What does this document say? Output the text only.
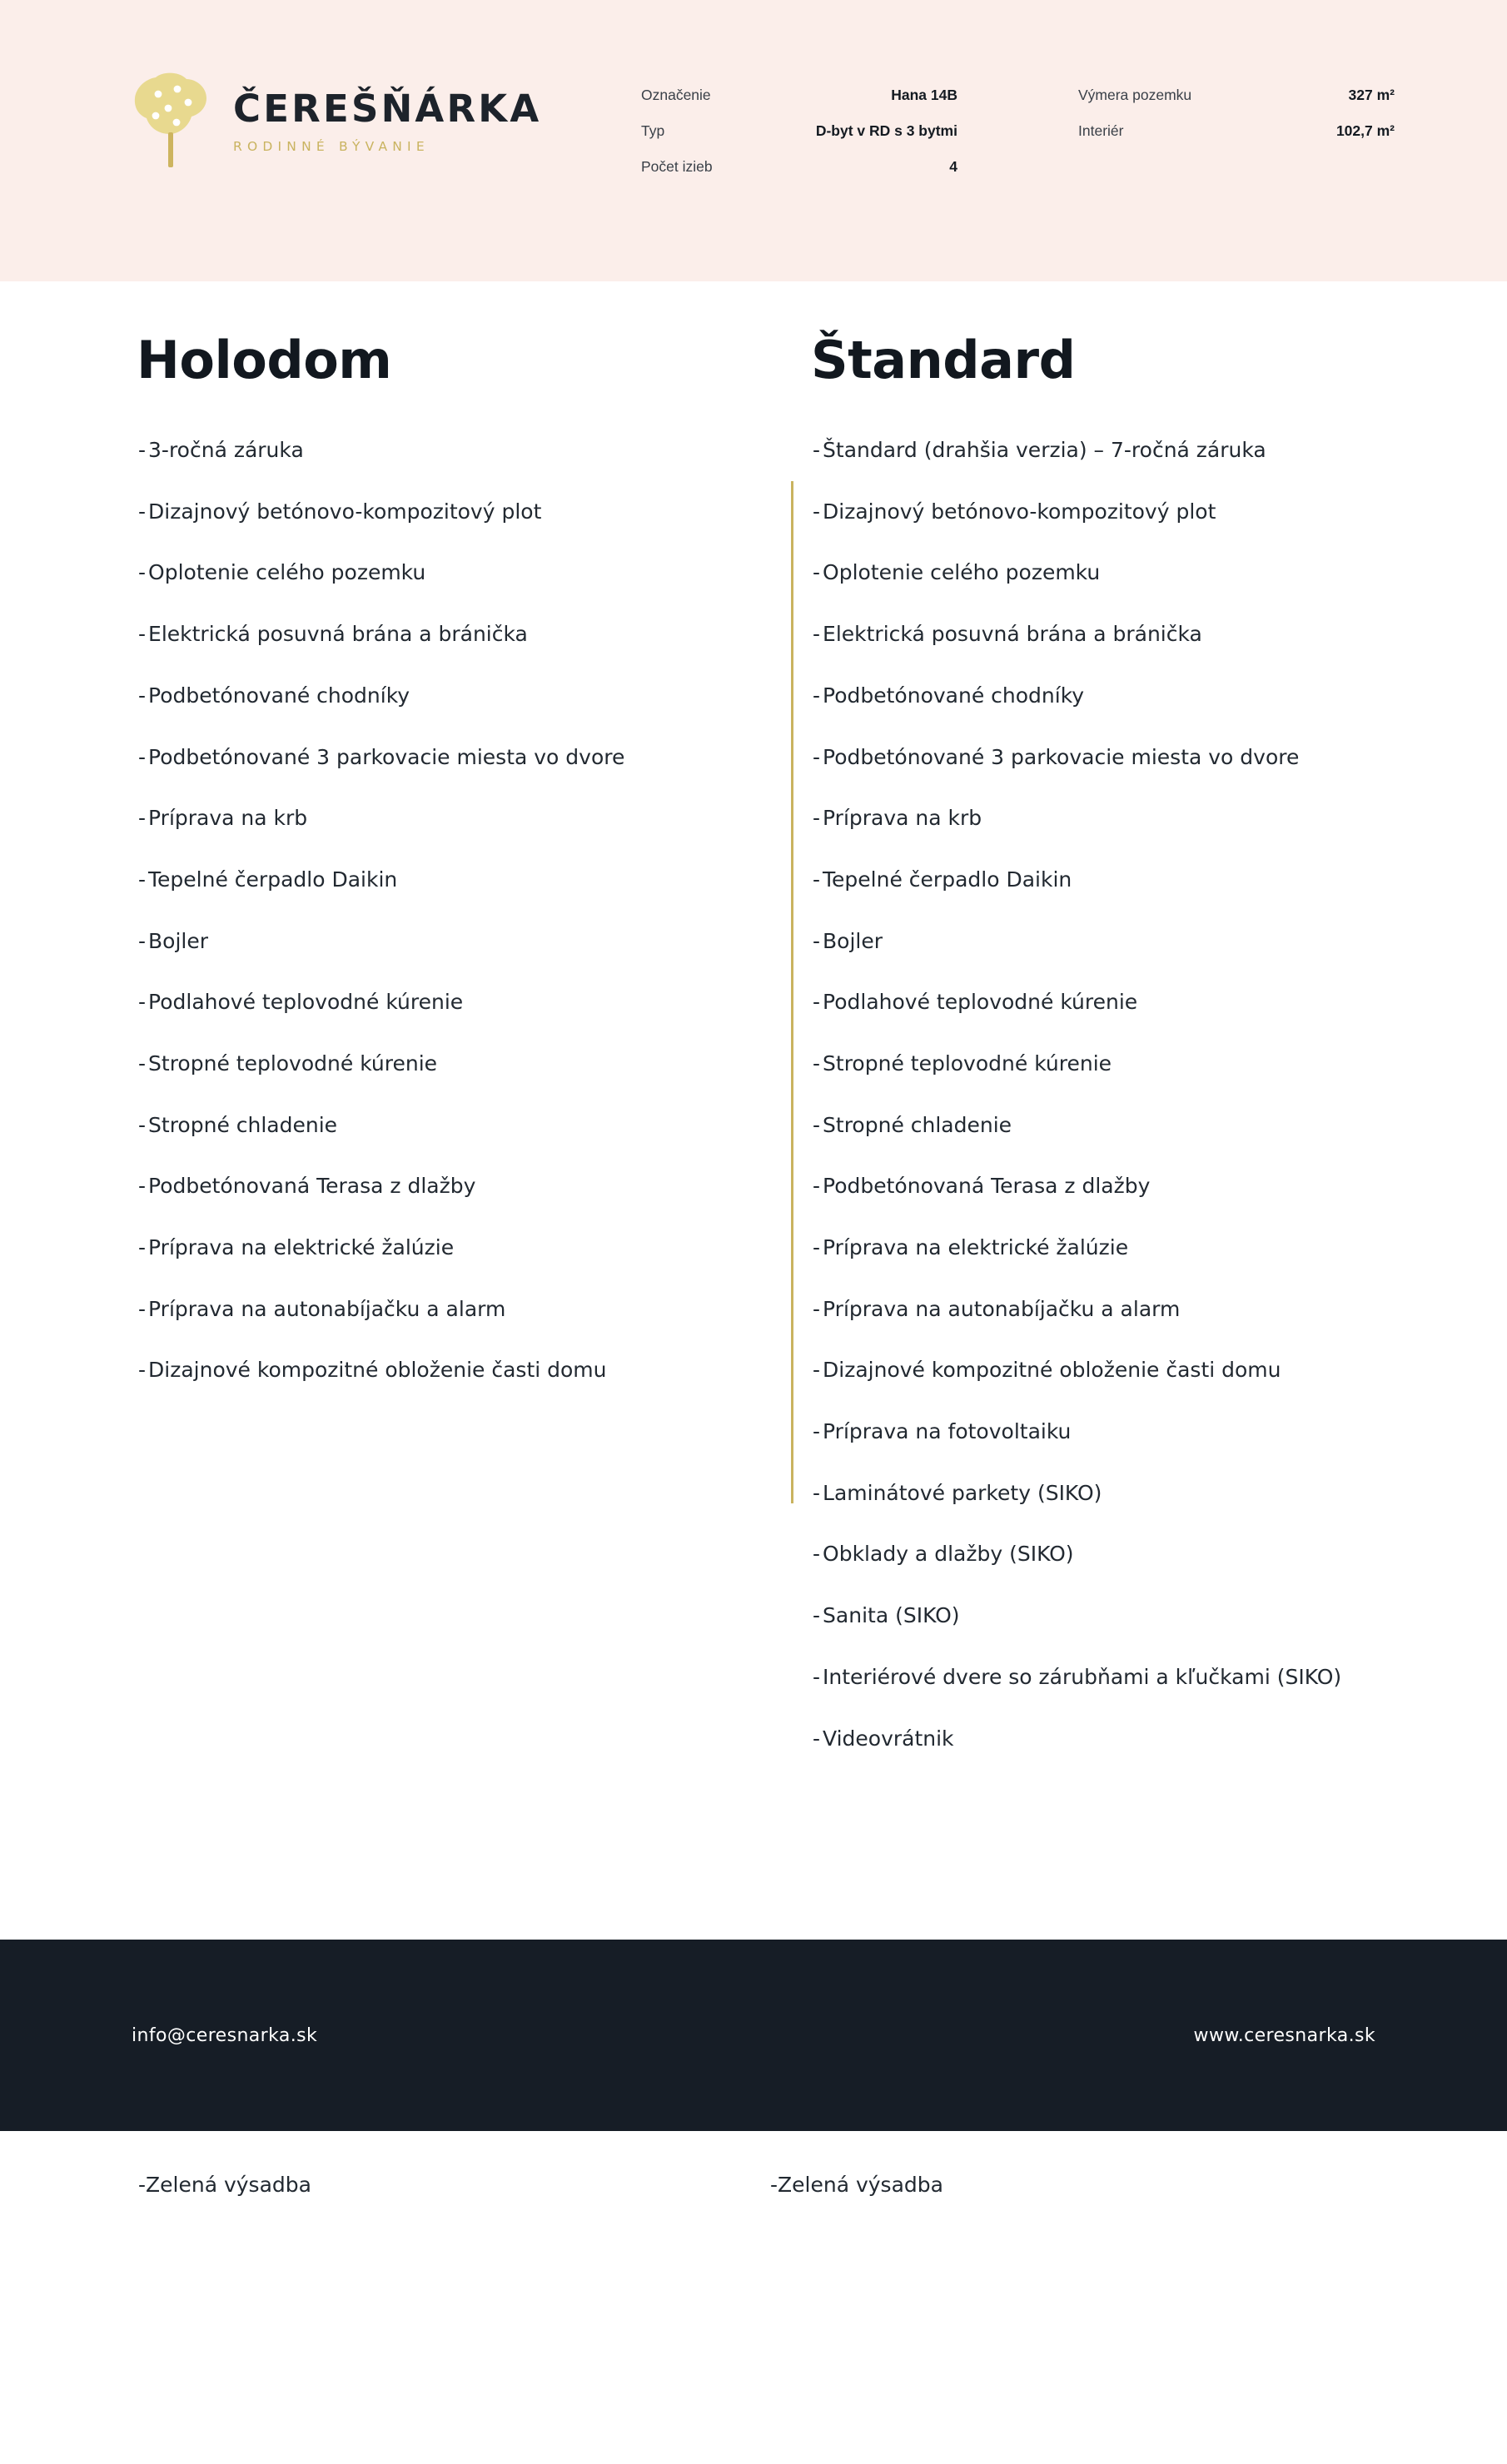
ČEREŠŇÁRKA
RODINNÉ BÝVANIE
Označenie	Hana 14B
Typ	D-byt v RD s 3 bytmi
Počet izieb	4
Výmera pozemku	327 m²
Interiér	102,7 m²
Holodom
- 3-ročná záruka
- Dizajnový betónovo-kompozitový plot
- Oplotenie celého pozemku
- Elektrická posuvná brána a bránička
- Podbetónované chodníky
- Podbetónované 3 parkovacie miesta vo dvore
- Príprava na krb
- Tepelné čerpadlo Daikin
- Bojler
- Podlahové teplovodné kúrenie
- Stropné teplovodné kúrenie
- Stropné chladenie
- Podbetónovaná Terasa z dlažby
- Príprava na elektrické žalúzie
- Príprava na autonabíjačku a alarm
- Dizajnové kompozitné obloženie časti domu
Štandard
- Štandard (drahšia verzia) – 7-ročná záruka
- Dizajnový betónovo-kompozitový plot
- Oplotenie celého pozemku
- Elektrická posuvná brána a bránička
- Podbetónované chodníky
- Podbetónované 3 parkovacie miesta vo dvore
- Príprava na krb
- Tepelné čerpadlo Daikin
- Bojler
- Podlahové teplovodné kúrenie
- Stropné teplovodné kúrenie
- Stropné chladenie
- Podbetónovaná Terasa z dlažby
- Príprava na elektrické žalúzie
- Príprava na autonabíjačku a alarm
- Dizajnové kompozitné obloženie časti domu
- Príprava na fotovoltaiku
- Laminátové parkety (SIKO)
- Obklady a dlažby (SIKO)
- Sanita (SIKO)
- Interiérové dvere so zárubňami a kľučkami (SIKO)
- Videovrátnik
-Zelená výsadba	-Zelená výsadba
info@ceresnarka.sk	www.ceresnarka.sk
